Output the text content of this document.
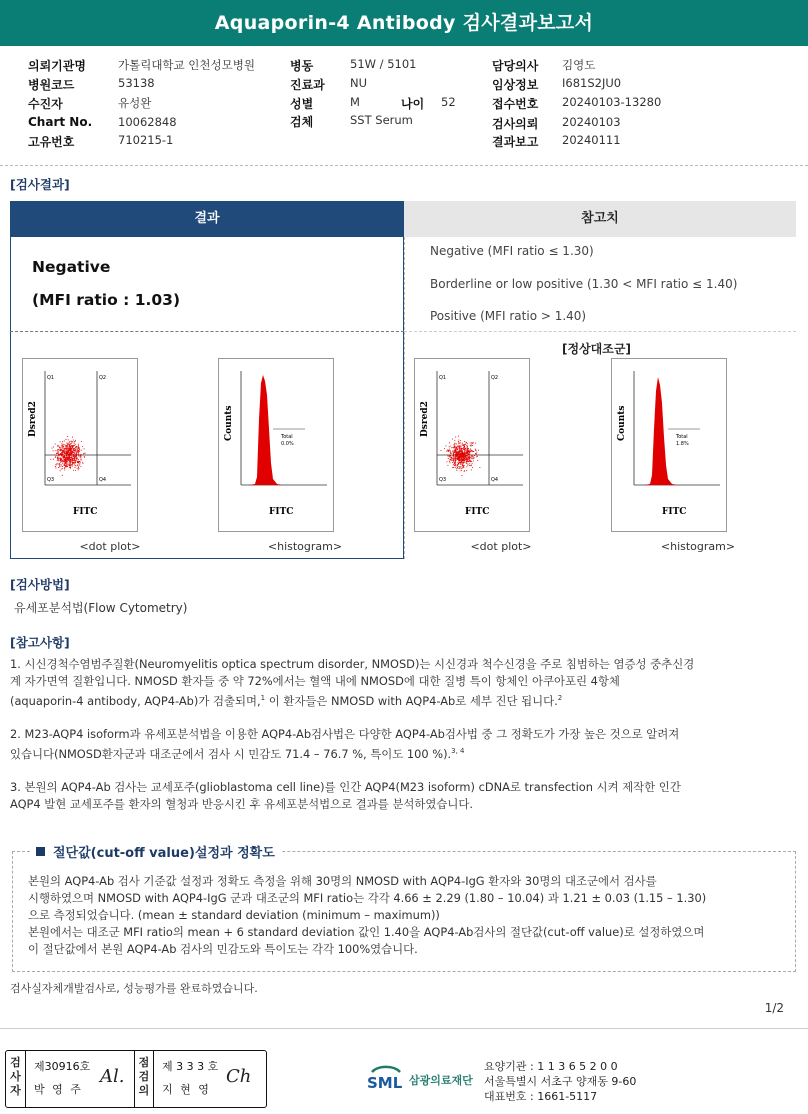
Aquaporin-4 Antibody 검사결과보고서
의뢰기관명	가톨릭대학교 인천성모병원	병동	51W / 5101	담당의사 김영도
병원코드	53138	진료과 NU	임상정보 I681S2JU0
수진자	유성완	성별	M	나이 52	접수번호 20240103-13280
Chart No. 10062848	검체	SST Serum	검사의뢰 20240103
고유번호	710215-1	결과보고 20240111
[검사결과]
결과	참고치
Negative
(MFI ratio : 1.03)
Negative (MFI ratio ≤ 1.30)
Borderline or low positive (1.30 < MFI ratio ≤ 1.40)
Positive (MFI ratio > 1.40)
[정상대조군]
Dsred2
FITC
Q1	Q2
Q3	Q4
Counts
FITC
Total
0.0%
Dsred2
FITC
Q1	Q2
Q3	Q4
Counts
FITC
Total
1.8%
<dot plot>	<histogram>	<dot plot>	<histogram>
[검사방법]
유세포분석법(Flow Cytometry)
[참고사항]
1. 시신경척수염범주질환(Neuromyelitis optica spectrum disorder, NMOSD)는 시신경과 척수신경을 주로 침범하는 염증성 중추신경
계 자가면역 질환입니다. NMOSD 환자들 중 약 72%에서는 혈액 내에 NMOSD에 대한 질병 특이 항체인 아쿠아포린 4항체
(aquaporin-4 antibody, AQP4-Ab)가 검출되며,$^1$ 이 환자들은 NMOSD with AQP4-Ab로 세부 진단 됩니다.$^2$
2. M23-AQP4 isoform과 유세포분석법을 이용한 AQP4-Ab검사법은 다양한 AQP4-Ab검사법 중 그 정확도가 가장 높은 것으로 알려져
있습니다(NMOSD환자군과 대조군에서 검사 시 민감도 71.4 – 76.7 %, 특이도 100 %).$^{3, 4}$
3. 본원의 AQP4-Ab 검사는 교세포주(glioblastoma cell line)를 인간 AQP4(M23 isoform) cDNA로 transfection 시켜 제작한 인간
AQP4 발현 교세포주를 환자의 혈청과 반응시킨 후 유세포분석법으로 결과를 분석하였습니다.
절단값(cut-off value)설정과 정확도
본원의 AQP4-Ab 검사 기준값 설정과 정확도 측정을 위해 30명의 NMOSD with AQP4-IgG 환자와 30명의 대조군에서 검사를
시행하였으며 NMOSD with AQP4-IgG 군과 대조군의 MFI ratio는 각각 4.66 ± 2.29 (1.80 – 10.04) 과 1.21 ± 0.03 (1.15 – 1.30)
으로 측정되었습니다. (mean ± standard deviation (minimum – maximum))
본원에서는 대조군 MFI ratio의 mean + 6 standard deviation 값인 1.40을 AQP4-Ab검사의 절단값(cut-off value)로 설정하였으며
이 절단값에서 본원 AQP4-Ab 검사의 민감도와 특이도는 각각 100%였습니다.
검사실자체개발검사로, 성능평가를 완료하였습니다.
1/2
검
사
자
제30916호
박 영 주
Al.
점
검
의
제 3 3 3 호
지 현 영
Ch	SML 삼광의료재단
요양기관 : 1 1 3 6 5 2 0 0
서울특별시 서초구 양재동 9-60
대표번호 : 1661-5117
